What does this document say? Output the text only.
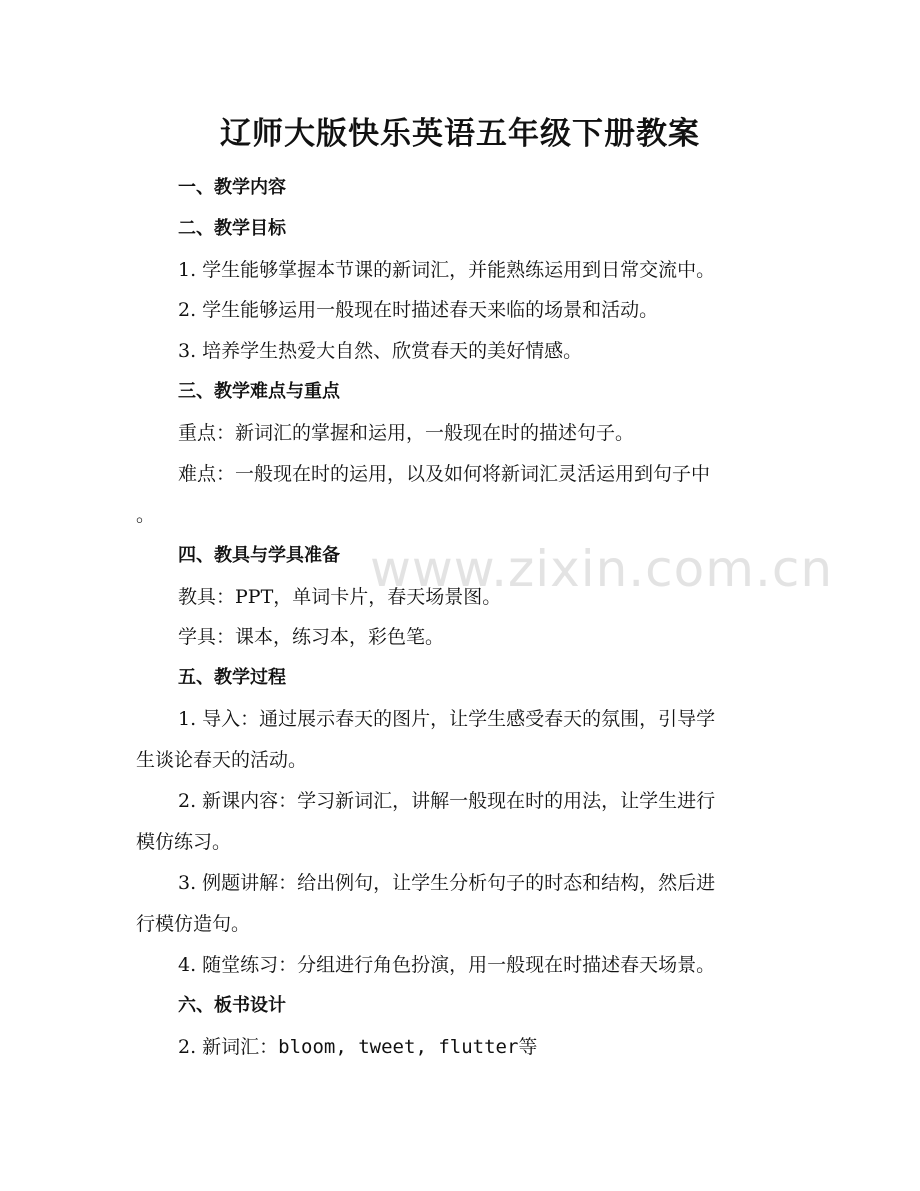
www.zixin.com.cn
辽师大版快乐英语五年级下册教案
一、教学内容
二、教学目标
1. 学生能够掌握本节课的新词汇，并能熟练运用到日常交流中。
2. 学生能够运用一般现在时描述春天来临的场景和活动。
3. 培养学生热爱大自然、欣赏春天的美好情感。
三、教学难点与重点
重点：新词汇的掌握和运用，一般现在时的描述句子。
难点：一般现在时的运用，以及如何将新词汇灵活运用到句子中
。
四、教具与学具准备
教具：PPT，单词卡片，春天场景图。
学具：课本，练习本，彩色笔。
五、教学过程
1. 导入：通过展示春天的图片，让学生感受春天的氛围，引导学
生谈论春天的活动。
2. 新课内容：学习新词汇，讲解一般现在时的用法，让学生进行
模仿练习。
3. 例题讲解：给出例句，让学生分析句子的时态和结构，然后进
行模仿造句。
4. 随堂练习：分组进行角色扮演，用一般现在时描述春天场景。
六、板书设计
2. 新词汇：bloom, tweet, flutter等
